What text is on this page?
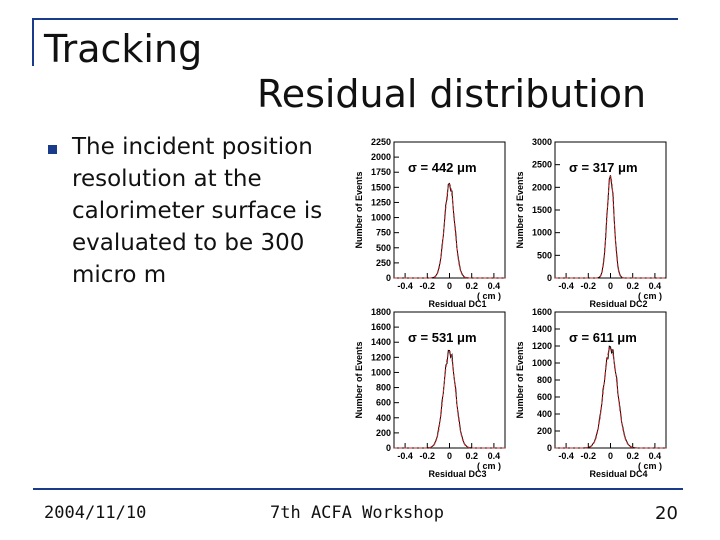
Tracking
Residual distribution
The incident position resolution at the calorimeter surface is evaluated to be 300 micro m	0
250
500
750
1000
1250
1500
1750
2000
2250
-0.4 -0.2 0 0.2 0.4
Number of Events
( cm )
Residual DC1
σ = 442 μm
0
500
1000
1500
2000
2500
3000
-0.4 -0.2 0 0.2 0.4
Number of Events
( cm )
Residual DC2
σ = 317 μm
0
200
400
600
800
1000
1200
1400
1600
1800
-0.4 -0.2 0 0.2 0.4
Number of Events
( cm )
Residual DC3
σ = 531 μm
0
200
400
600
800
1000
1200
1400
1600
-0.4 -0.2 0 0.2 0.4
Number of Events
( cm )
Residual DC4
σ = 611 μm
2004/11/10	7th ACFA Workshop	20
